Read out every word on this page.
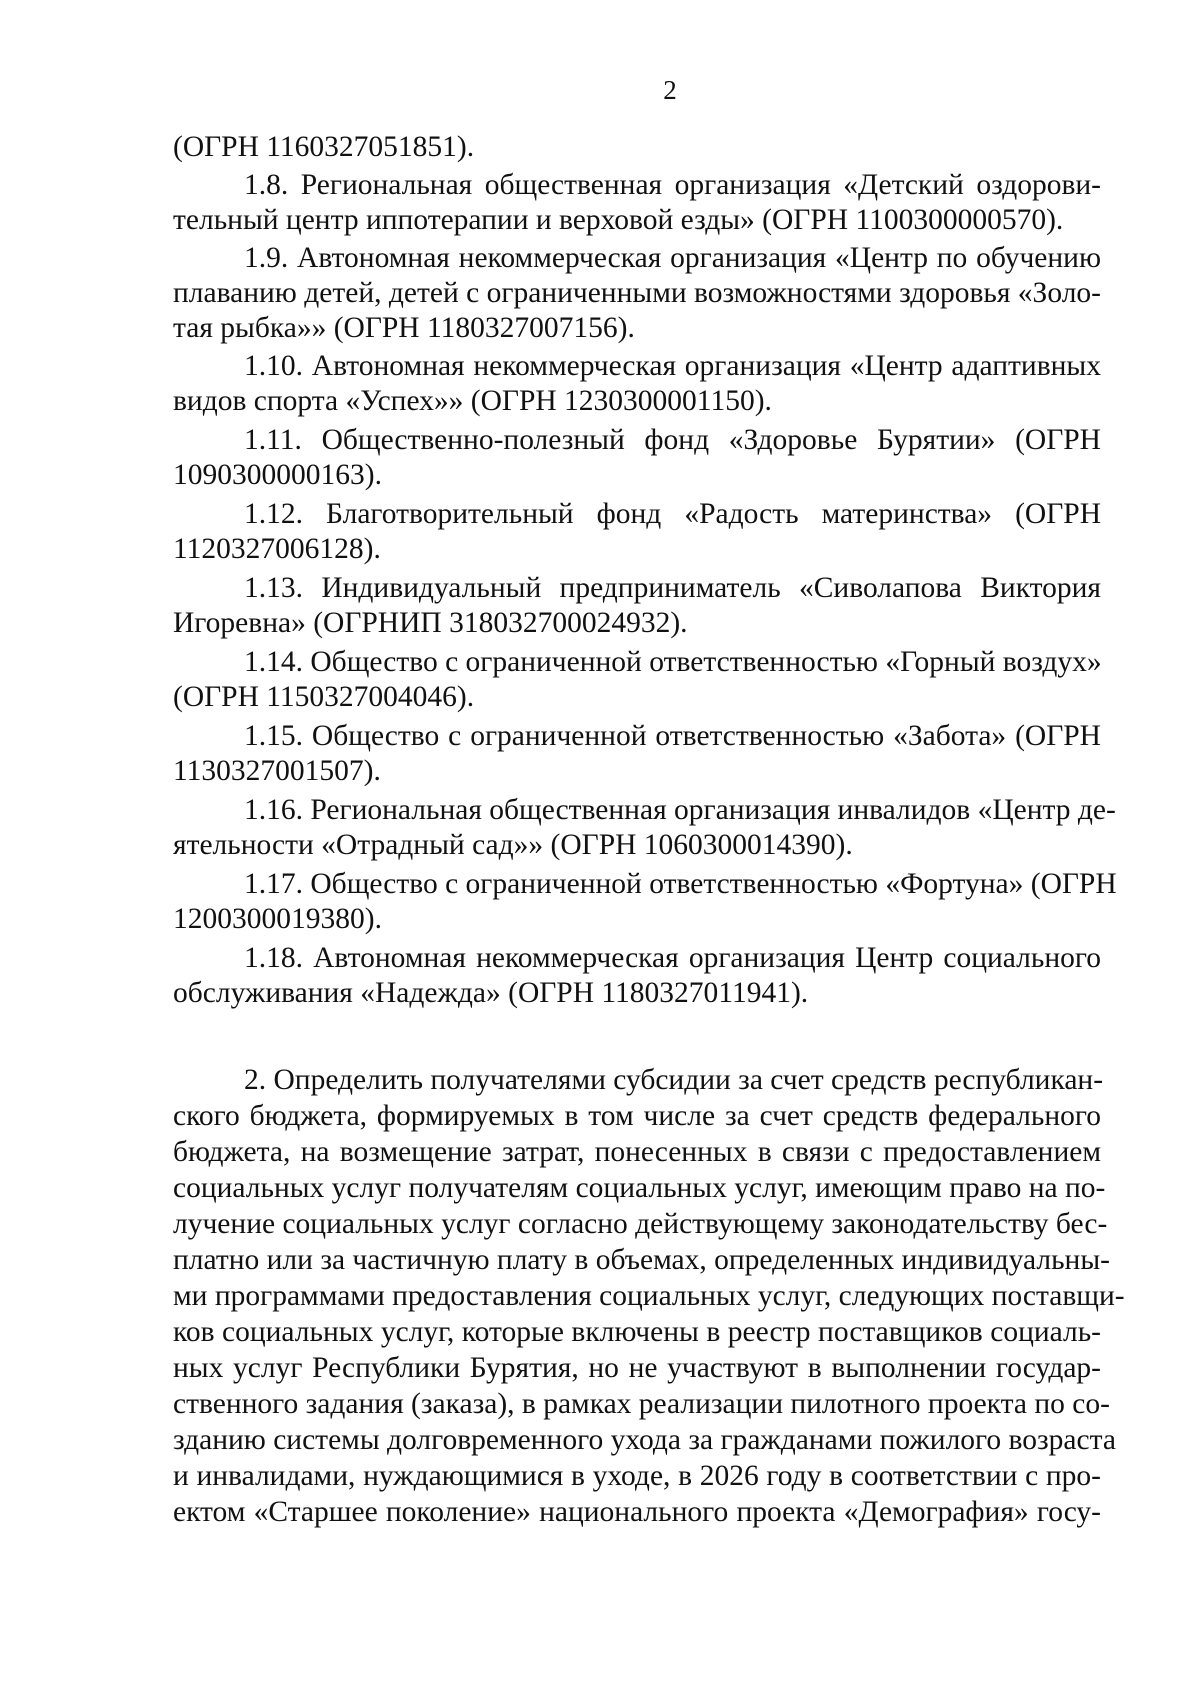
2
(ОГРН 1160327051851).
1.8. Региональная общественная организация «Детский оздорови-
тельный центр иппотерапии и верховой езды» (ОГРН 1100300000570).
1.9. Автономная некоммерческая организация «Центр по обучению
плаванию детей, детей с ограниченными возможностями здоровья «Золо-
тая рыбка»» (ОГРН 1180327007156).
1.10. Автономная некоммерческая организация «Центр адаптивных
видов спорта «Успех»» (ОГРН 1230300001150).
1.11. Общественно-полезный фонд «Здоровье Бурятии» (ОГРН
1090300000163).
1.12. Благотворительный фонд «Радость материнства» (ОГРН
1120327006128).
1.13. Индивидуальный предприниматель «Сиволапова Виктория
Игоревна» (ОГРНИП 318032700024932).
1.14. Общество с ограниченной ответственностью «Горный воздух»
(ОГРН 1150327004046).
1.15. Общество с ограниченной ответственностью «Забота» (ОГРН
1130327001507).
1.16. Региональная общественная организация инвалидов «Центр де-
ятельности «Отрадный сад»» (ОГРН 1060300014390).
1.17. Общество с ограниченной ответственностью «Фортуна» (ОГРН
1200300019380).
1.18. Автономная некоммерческая организация Центр социального
обслуживания «Надежда» (ОГРН 1180327011941).
2. Определить получателями субсидии за счет средств республикан-
ского бюджета, формируемых в том числе за счет средств федерального
бюджета, на возмещение затрат, понесенных в связи с предоставлением
социальных услуг получателям социальных услуг, имеющим право на по-
лучение социальных услуг согласно действующему законодательству бес-
платно или за частичную плату в объемах, определенных индивидуальны-
ми программами предоставления социальных услуг, следующих поставщи-
ков социальных услуг, которые включены в реестр поставщиков социаль-
ных услуг Республики Бурятия, но не участвуют в выполнении государ-
ственного задания (заказа), в рамках реализации пилотного проекта по со-
зданию системы долговременного ухода за гражданами пожилого возраста
и инвалидами, нуждающимися в уходе, в 2026 году в соответствии с про-
ектом «Старшее поколение» национального проекта «Демография» госу-
